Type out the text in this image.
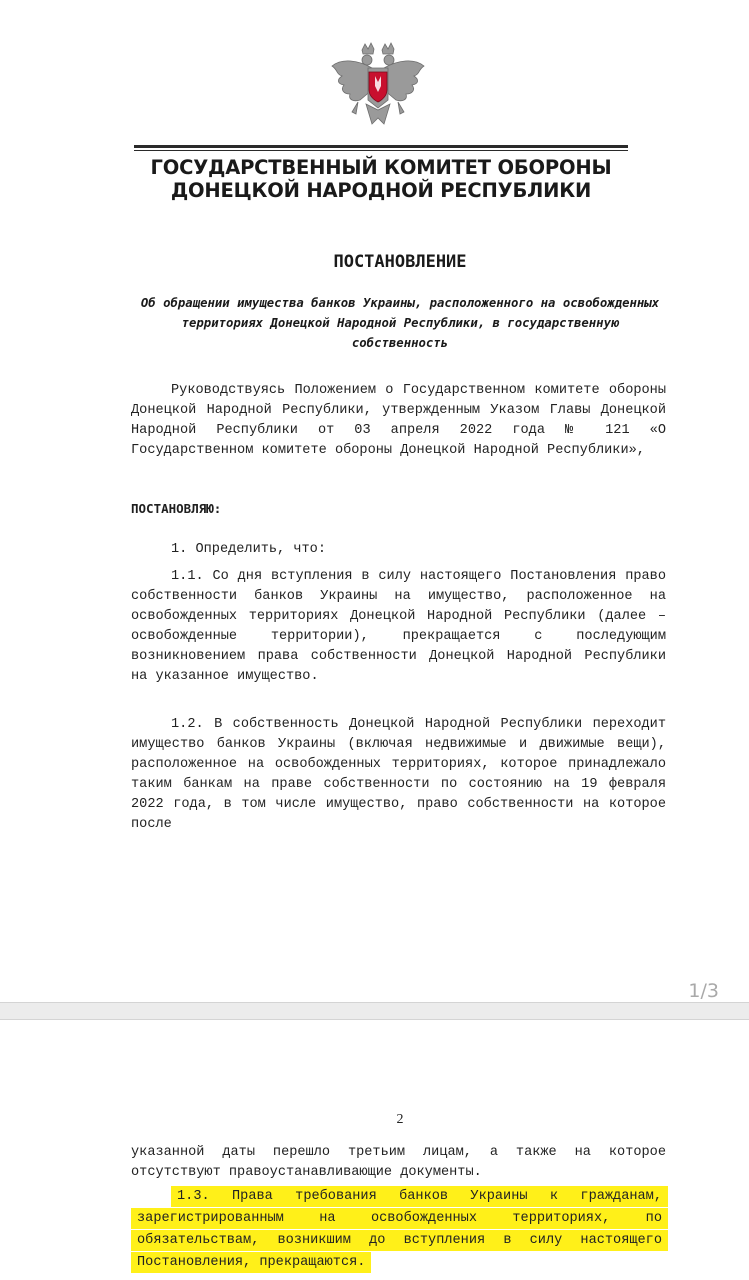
ГОСУДАРСТВЕННЫЙ КОМИТЕТ ОБОРОНЫ
ДОНЕЦКОЙ НАРОДНОЙ РЕСПУБЛИКИ
ПОСТАНОВЛЕНИЕ
Об обращении имущества банков Украины, расположенного на освобожденных территориях Донецкой Народной Республики, в государственную собственность

Руководствуясь Положением о Государственном комитете обороны Донецкой Народной Республики, утвержденным Указом Главы Донецкой Народной Республики от 03 апреля 2022 года № 121 «О Государственном комитете обороны Донецкой Народной Республики»,

ПОСТАНОВЛЯЮ:

1. Определить, что:

1.1. Со дня вступления в силу настоящего Постановления право собственности банков Украины на имущество, расположенное на освобожденных территориях Донецкой Народной Республики (далее – освобожденные территории), прекращается с последующим возникновением права собственности Донецкой Народной Республики на указанное имущество.

1.2. В собственность Донецкой Народной Республики переходит имущество банков Украины (включая недвижимые и движимые вещи), расположенное на освобожденных территориях, которое принадлежало таким банкам на праве собственности по состоянию на 19 февраля 2022 года, в том числе имущество, право собственности на которое после

1/3
2

указанной даты перешло третьим лицам, а также на которое отсутствуют правоустанавливающие документы.

1.3. Права требования банков Украины к гражданам, зарегистрированным на освобожденных территориях, по обязательствам, возникшим до вступления в силу настоящего Постановления, прекращаются.
